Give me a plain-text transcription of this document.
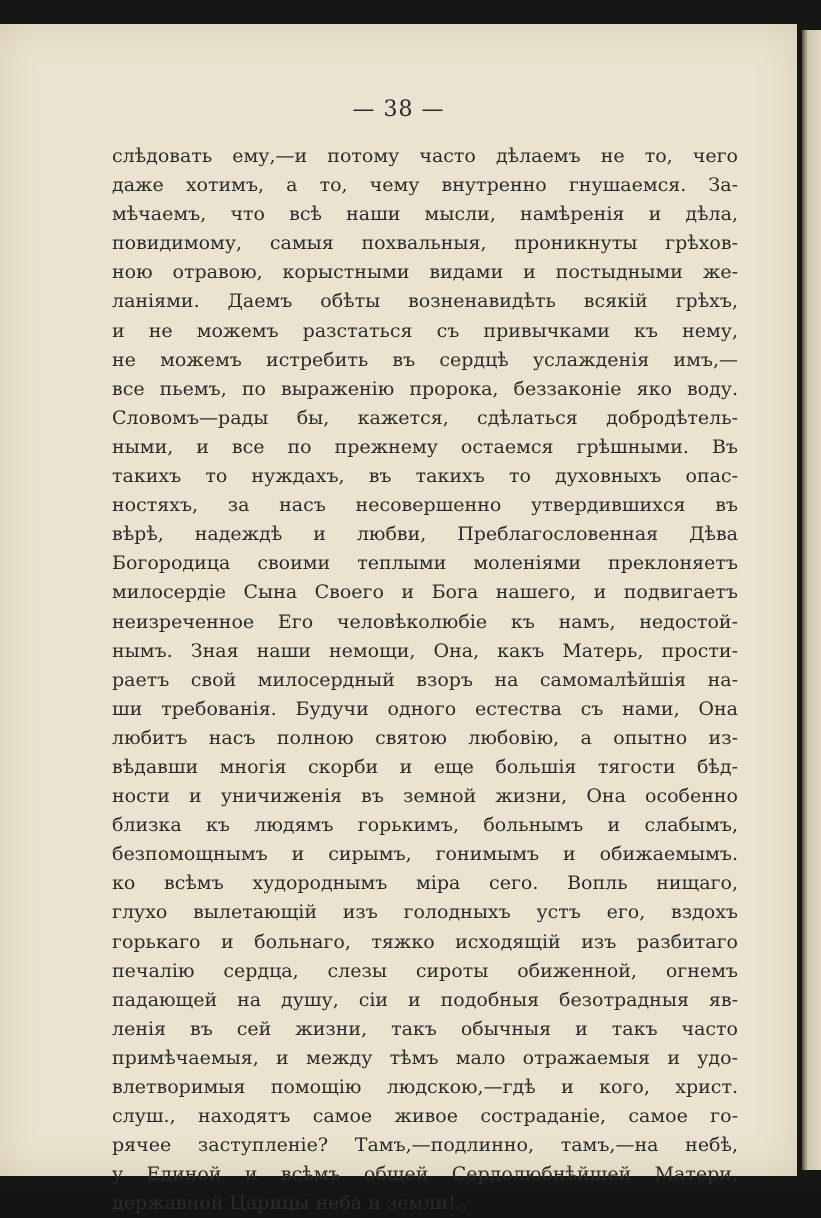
— 38 —
слѣдовать ему,—и потому часто дѣлаемъ не то, чего
даже хотимъ, а то, чему внутренно гнушаемся. За-
мѣчаемъ, что всѣ наши мысли, намѣренія и дѣла,
повидимому, самыя похвальныя, проникнуты грѣхов-
ною отравою, корыстными видами и постыдными же-
ланіями. Даемъ обѣты возненавидѣть всякій грѣхъ,
и не можемъ разстаться съ привычками къ нему,
не можемъ истребить въ сердцѣ услажденія имъ,—
все пьемъ, по выраженію пророка, беззаконіе яко воду.
Словомъ—рады бы, кажется, сдѣлаться добродѣтель-
ными, и все по прежнему остаемся грѣшными. Въ
такихъ то нуждахъ, въ такихъ то духовныхъ опас-
ностяхъ, за насъ несовершенно утвердившихся въ
вѣрѣ, надеждѣ и любви, Преблагословенная Дѣва
Богородица своими теплыми моленіями преклоняетъ
милосердіе Сына Своего и Бога нашего, и подвигаетъ
неизреченное Его человѣколюбіе къ намъ, недостой-
нымъ. Зная наши немощи, Она, какъ Матерь, прости-
раетъ свой милосердный взоръ на самомалѣйшія на-
ши требованія. Будучи одного естества съ нами, Она
любитъ насъ полною святою любовію, а опытно из-
вѣдавши многія скорби и еще большія тягости бѣд-
ности и уничиженія въ земной жизни, Она особенно
близка къ людямъ горькимъ, больнымъ и слабымъ,
безпомощнымъ и сирымъ, гонимымъ и обижаемымъ.
ко всѣмъ худороднымъ міра сего. Вопль нищаго,
глухо вылетающій изъ голодныхъ устъ его, вздохъ
горькаго и больнаго, тяжко исходящій изъ разбитаго
печалію сердца, слезы сироты обиженной, огнемъ
падающей на душу, сіи и подобныя безотрадныя яв-
ленія въ сей жизни, такъ обычныя и такъ часто
примѣчаемыя, и между тѣмъ мало отражаемыя и удо-
влетворимыя помощію людскою,—гдѣ и кого, христ.
слуш., находятъ самое живое состраданіе, самое го-
рячее заступленіе? Тамъ,—подлинно, тамъ,—на небѣ,
у Единой и всѣмъ общей Сердолюбнѣйшей Матери,
державной Царицы неба и земли!..
